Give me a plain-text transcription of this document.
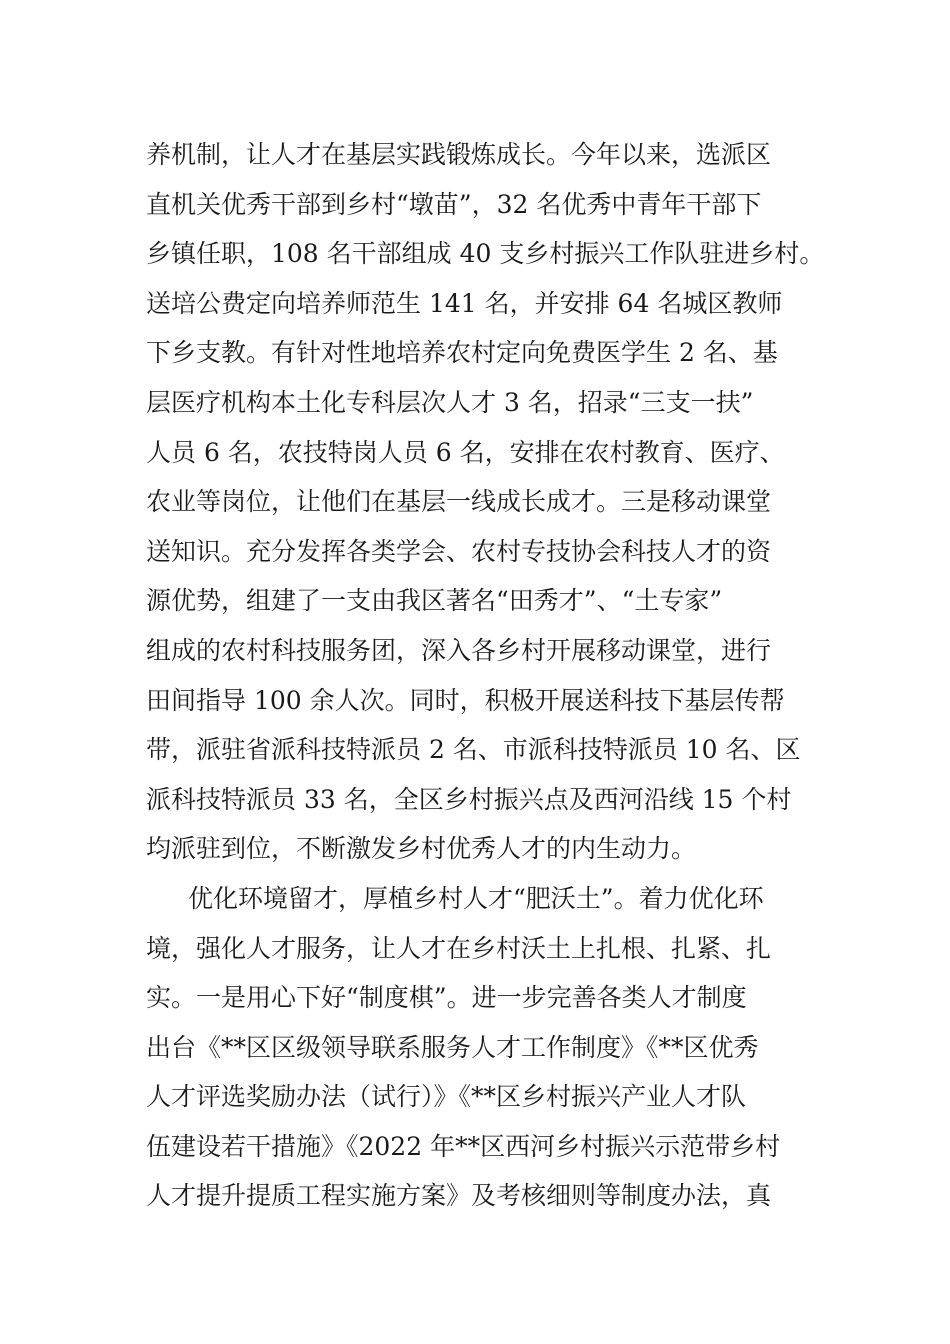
养机制，让人才在基层实践锻炼成长。今年以来，选派区
直机关优秀干部到乡村“墩苗”，32 名优秀中青年干部下
乡镇任职，108 名干部组成 40 支乡村振兴工作队驻进乡村。
送培公费定向培养师范生 141 名，并安排 64 名城区教师
下乡支教。有针对性地培养农村定向免费医学生 2 名、基
层医疗机构本土化专科层次人才 3 名，招录“三支一扶”
人员 6 名，农技特岗人员 6 名，安排在农村教育、医疗、
农业等岗位，让他们在基层一线成长成才。三是移动课堂
送知识。充分发挥各类学会、农村专技协会科技人才的资
源优势，组建了一支由我区著名“田秀才”、“土专家”
组成的农村科技服务团，深入各乡村开展移动课堂，进行
田间指导 100 余人次。同时，积极开展送科技下基层传帮
带，派驻省派科技特派员 2 名、市派科技特派员 10 名、区
派科技特派员 33 名，全区乡村振兴点及西河沿线 15 个村
均派驻到位，不断激发乡村优秀人才的内生动力。
优化环境留才，厚植乡村人才“肥沃土”。着力优化环
境，强化人才服务，让人才在乡村沃土上扎根、扎紧、扎
实。一是用心下好“制度棋”。进一步完善各类人才制度
出台《**区区级领导联系服务人才工作制度》《**区优秀
人才评选奖励办法（试行）》《**区乡村振兴产业人才队
伍建设若干措施》《2022 年**区西河乡村振兴示范带乡村
人才提升提质工程实施方案》及考核细则等制度办法，真
